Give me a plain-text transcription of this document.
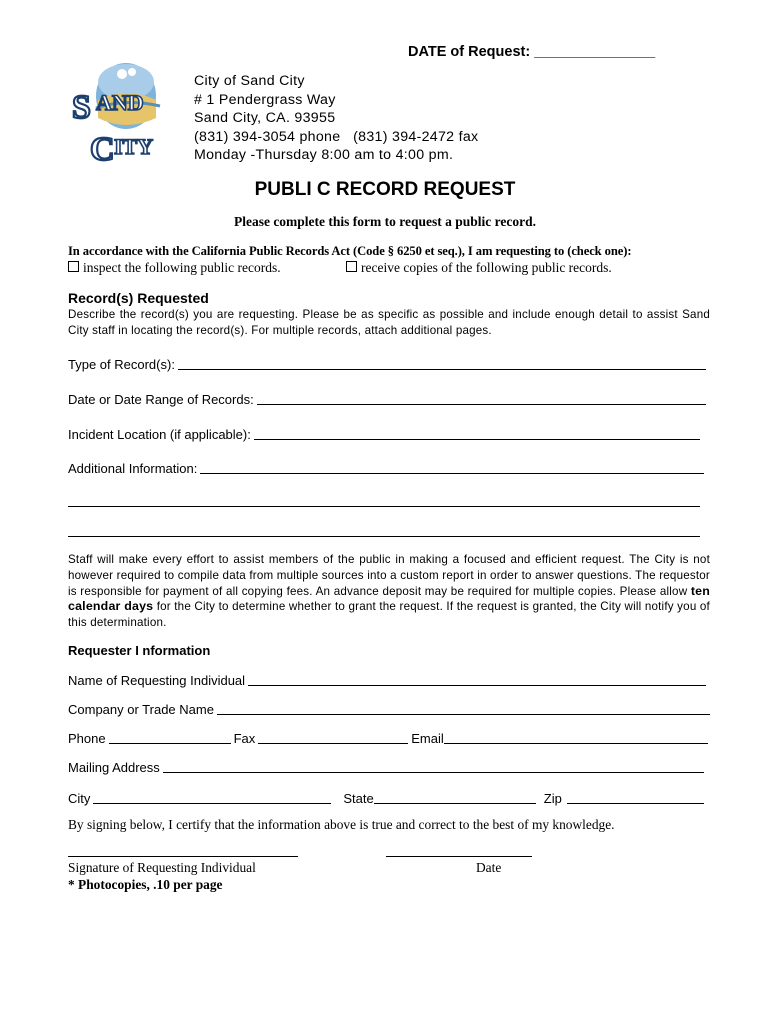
DATE of Request: _______________
S AND
C ITY
City of Sand City
# 1 Pendergrass Way
Sand City, CA. 93955
(831) 394-3054 phone   (831) 394-2472 fax
Monday -Thursday 8:00 am to 4:00 pm.
PUBLI C RECORD REQUEST
Please complete this form to request a public record.
In accordance with the California Public Records Act (Code § 6250 et seq.), I am requesting to (check one):
inspect the following public records.	receive copies of the following public records.
Record(s) Requested
Describe the record(s) you are requesting. Please be as specific as possible and include enough detail to assist Sand City staff in locating the record(s). For multiple records, attach additional pages.
Type of Record(s):
Date or Date Range of Records:
Incident Location (if applicable):
Additional Information:
Staff will make every effort to assist members of the public in making a focused and efficient request. The City is not however required to compile data from multiple sources into a custom report in order to answer questions. The requestor is responsible for payment of all copying fees. An advance deposit may be required for multiple copies. Please allow ten calendar days for the City to determine whether to grant the request. If the request is granted, the City will notify you of this determination.
Requester I nformation
Name of Requesting Individual
Company or Trade Name
Phone	Fax	Email
Mailing Address
City	State	Zip
By signing below, I certify that the information above is true and correct to the best of my knowledge.
Signature of Requesting Individual	Date
* Photocopies, .10 per page
